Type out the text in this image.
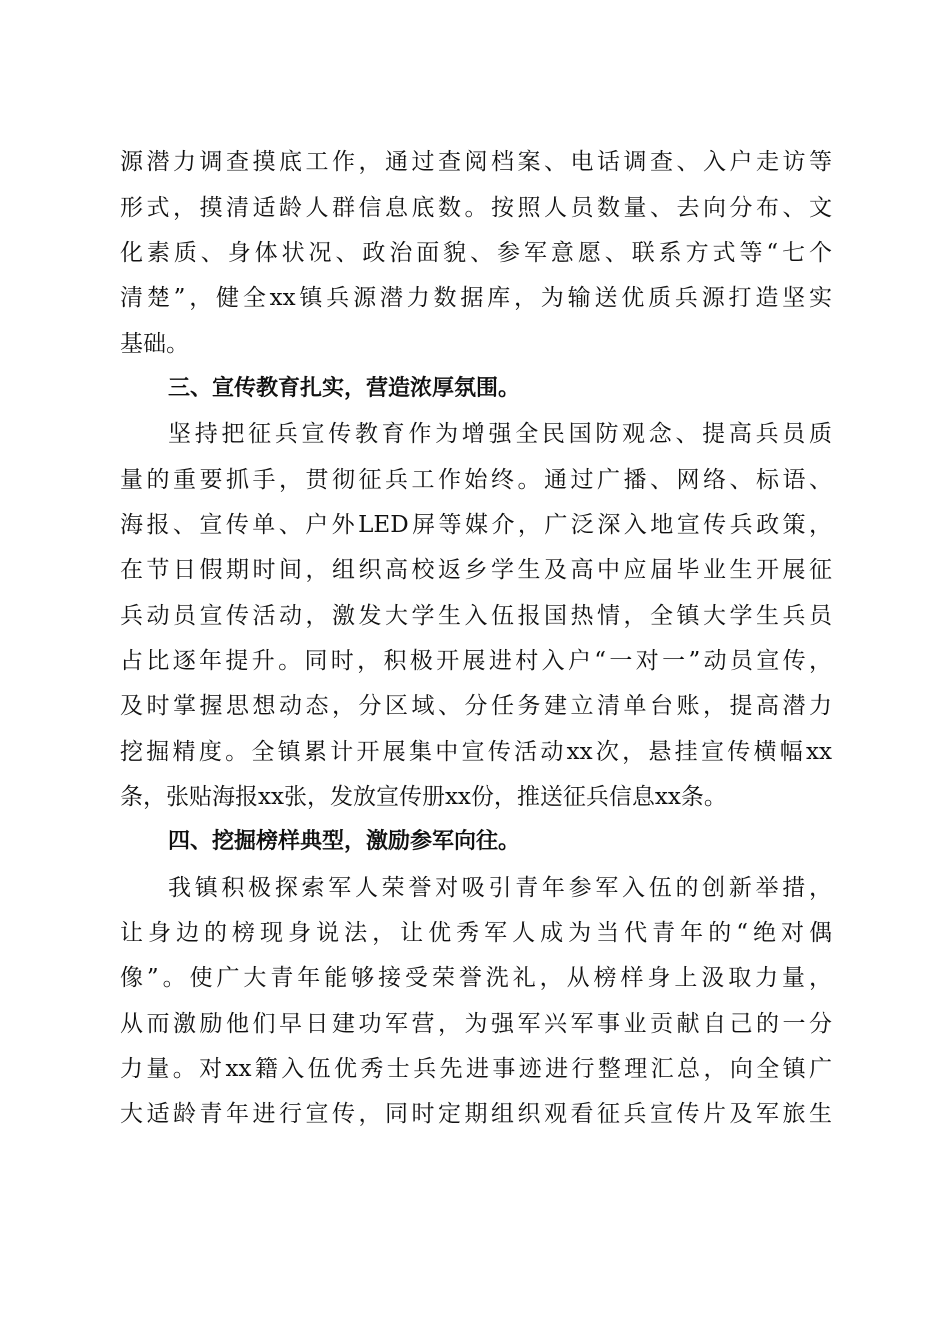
源潜力调查摸底工作，通过查阅档案、电话调查、入户走访等
形式，摸清适龄人群信息底数。按照人员数量、去向分布、文
化素质、身体状况、政治面貌、参军意愿、联系方式等“七个
清楚”，健全xx镇兵源潜力数据库，为输送优质兵源打造坚实
基础。
三、宣传教育扎实，营造浓厚氛围。
坚持把征兵宣传教育作为增强全民国防观念、提高兵员质
量的重要抓手，贯彻征兵工作始终。通过广播、网络、标语、
海报、宣传单、户外LED屏等媒介，广泛深入地宣传兵政策，
在节日假期时间，组织高校返乡学生及高中应届毕业生开展征
兵动员宣传活动，激发大学生入伍报国热情，全镇大学生兵员
占比逐年提升。同时，积极开展进村入户“一对一”动员宣传，
及时掌握思想动态，分区域、分任务建立清单台账，提高潜力
挖掘精度。全镇累计开展集中宣传活动xx次，悬挂宣传横幅xx
条，张贴海报xx张，发放宣传册xx份，推送征兵信息xx条。
四、挖掘榜样典型，激励参军向往。
我镇积极探索军人荣誉对吸引青年参军入伍的创新举措，
让身边的榜现身说法，让优秀军人成为当代青年的“绝对偶
像”。使广大青年能够接受荣誉洗礼，从榜样身上汲取力量，
从而激励他们早日建功军营，为强军兴军事业贡献自己的一分
力量。对xx籍入伍优秀士兵先进事迹进行整理汇总，向全镇广
大适龄青年进行宣传，同时定期组织观看征兵宣传片及军旅生
